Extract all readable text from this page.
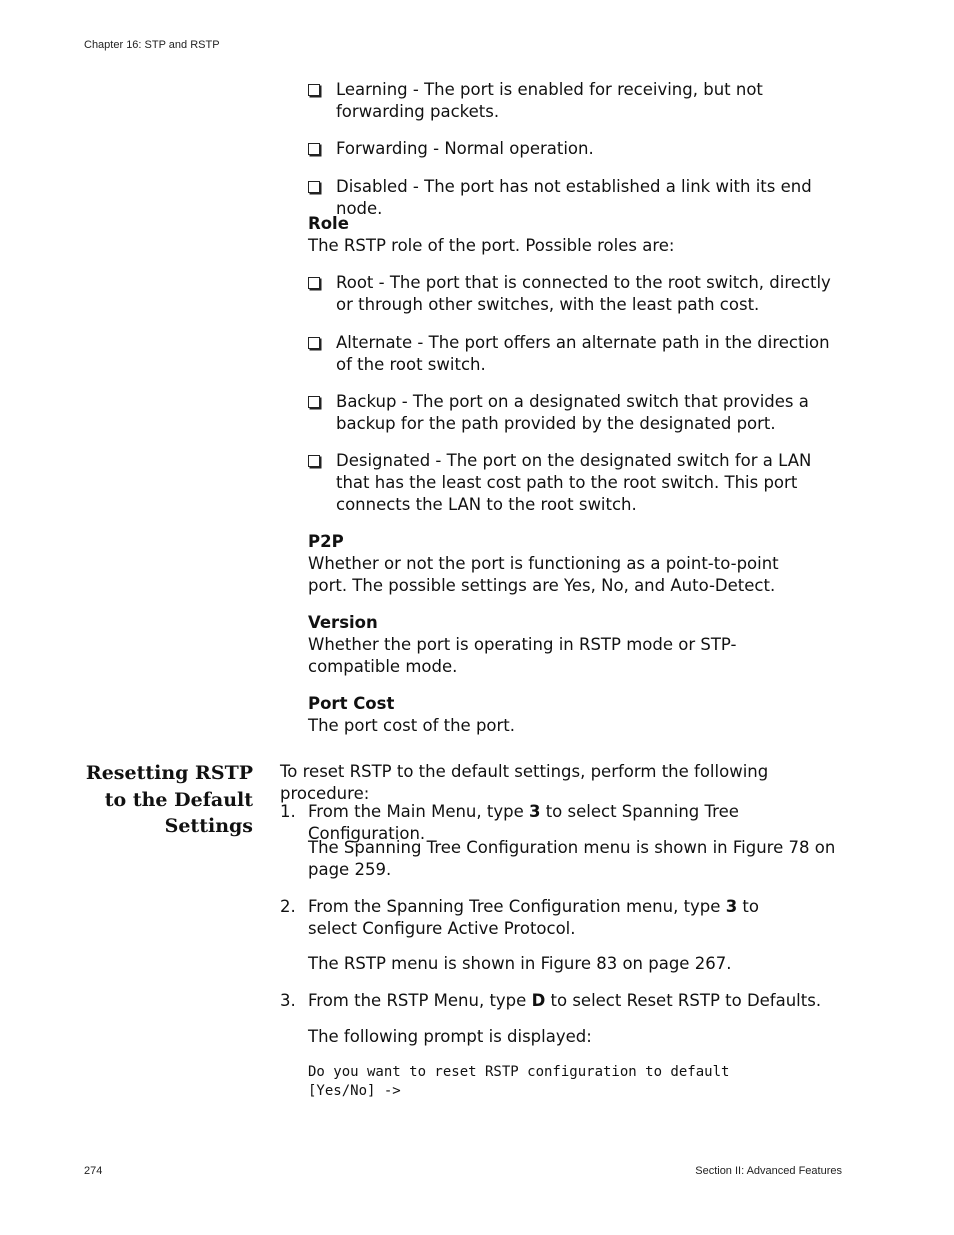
Chapter 16: STP and RSTP
Learning - The port is enabled for receiving, but not forwarding packets.
Forwarding - Normal operation.
Disabled - The port has not established a link with its end node.
Role
The RSTP role of the port. Possible roles are:
Root - The port that is connected to the root switch, directly or through other switches, with the least path cost.
Alternate - The port offers an alternate path in the direction of the root switch.
Backup - The port on a designated switch that provides a backup for the path provided by the designated port.
Designated - The port on the designated switch for a LAN that has the least cost path to the root switch. This port connects the LAN to the root switch.
P2P
Whether or not the port is functioning as a point-to-point port. The possible settings are Yes, No, and Auto-Detect.
Version
Whether the port is operating in RSTP mode or STP-compatible mode.
Port Cost
The port cost of the port.
Resetting RSTP to the Default Settings
To reset RSTP to the default settings, perform the following procedure:
1. From the Main Menu, type 3 to select Spanning Tree Configuration.
The Spanning Tree Configuration menu is shown in Figure 78 on page 259.
2. From the Spanning Tree Configuration menu, type 3 to select Configure Active Protocol.
The RSTP menu is shown in Figure 83 on page 267.
3. From the RSTP Menu, type D to select Reset RSTP to Defaults.
The following prompt is displayed:
Do you want to reset RSTP configuration to default
[Yes/No] ->
274	Section II: Advanced Features
